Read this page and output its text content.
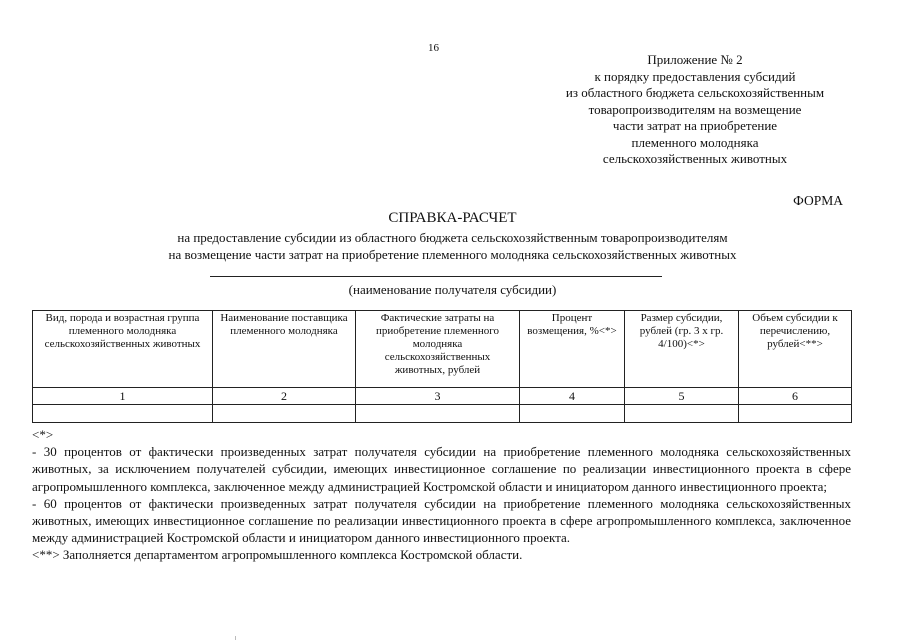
16
Приложение № 2
к порядку предоставления субсидий
из областного бюджета сельскохозяйственным
товаропроизводителям на возмещение
части затрат на приобретение
племенного молодняка
сельскохозяйственных животных
ФОРМА
СПРАВКА-РАСЧЕТ
на предоставление субсидии из областного бюджета сельскохозяйственным товаропроизводителям
на возмещение части затрат на приобретение племенного молодняка сельскохозяйственных животных
(наименование получателя субсидии)
Вид, порода и возрастная группа племенного молодняка сельскохозяйственных животных	Наименование поставщика племенного молодняка	Фактические затраты на приобретение племенного молодняка сельскохозяйственных животных, рублей	Процент возмещения, %<*>	Размер субсидии, рублей (гр. 3 х гр. 4/100)<*>	Объем субсидии к перечислению, рублей<**>
1	2	3	4	5	6

<*>

- 30 процентов от фактически произведенных затрат получателя субсидии на приобретение племенного молодняка сельскохозяйственных животных, за исключением получателей субсидии, имеющих инвестиционное соглашение по реализации инвестиционного проекта в сфере агропромышленного комплекса, заключенное между администрацией Костромской области и инициатором данного инвестиционного проекта;

- 60 процентов от фактически произведенных затрат получателя субсидии на приобретение племенного молодняка сельскохозяйственных животных, имеющих инвестиционное соглашение по реализации инвестиционного проекта в сфере агропромышленного комплекса, заключенное между администрацией Костромской области и инициатором данного инвестиционного проекта.

<**> Заполняется департаментом агропромышленного комплекса Костромской области.
